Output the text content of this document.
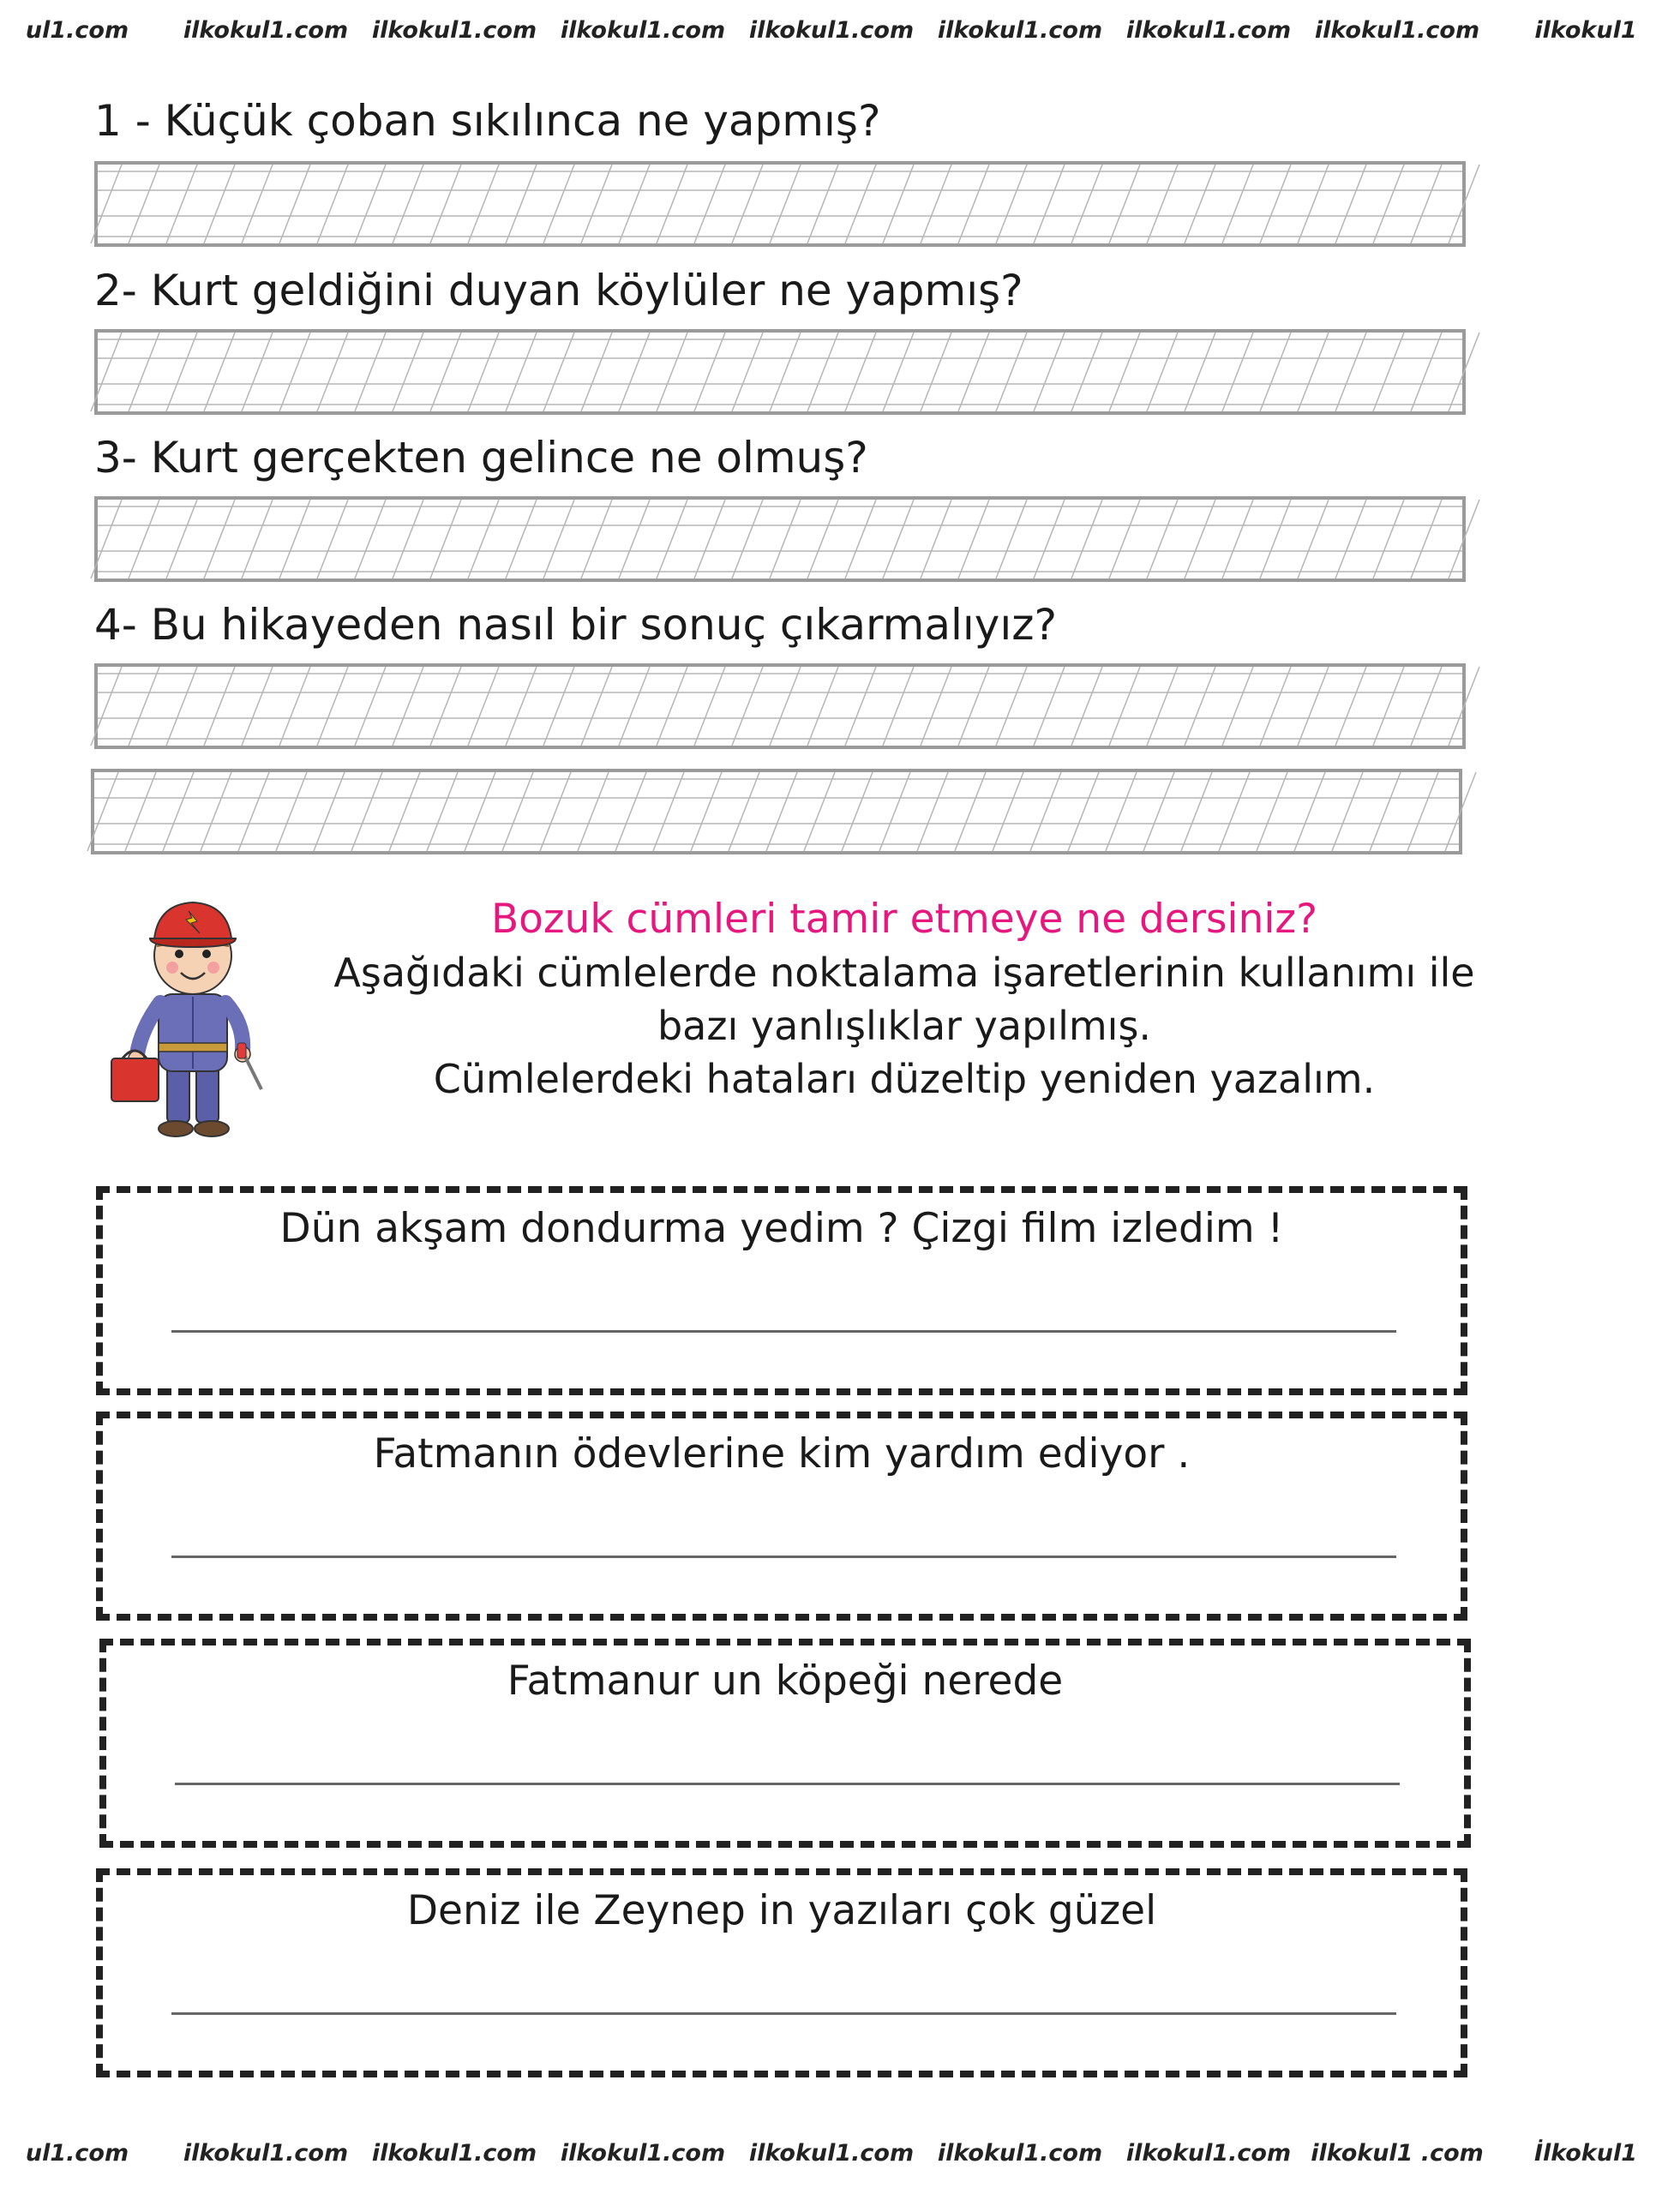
ul1.com	ilkokul1.com	ilkokul1.com	ilkokul1.com	ilkokul1.com	ilkokul1.com	ilkokul1.com	ilkokul1.com	ilkokul1
1 - Küçük çoban sıkılınca ne yapmış?
2- Kurt geldiğini duyan köylüler ne yapmış?
3- Kurt gerçekten gelince ne olmuş?
4- Bu hikayeden nasıl bir sonuç çıkarmalıyız?
Bozuk cümleri tamir etmeye ne dersiniz?
Aşağıdaki cümlelerde noktalama işaretlerinin kullanımı ile
bazı yanlışlıklar yapılmış.
Cümlelerdeki hataları düzeltip yeniden yazalım.
Dün akşam dondurma yedim ? Çizgi film izledim !
Fatmanın ödevlerine kim yardım ediyor .
Fatmanur un köpeği nerede
Deniz ile Zeynep in yazıları çok güzel
ul1.com	ilkokul1.com	ilkokul1.com	ilkokul1.com	ilkokul1.com	ilkokul1.com	ilkokul1.com ilkokul1 .com	İlkokul1
